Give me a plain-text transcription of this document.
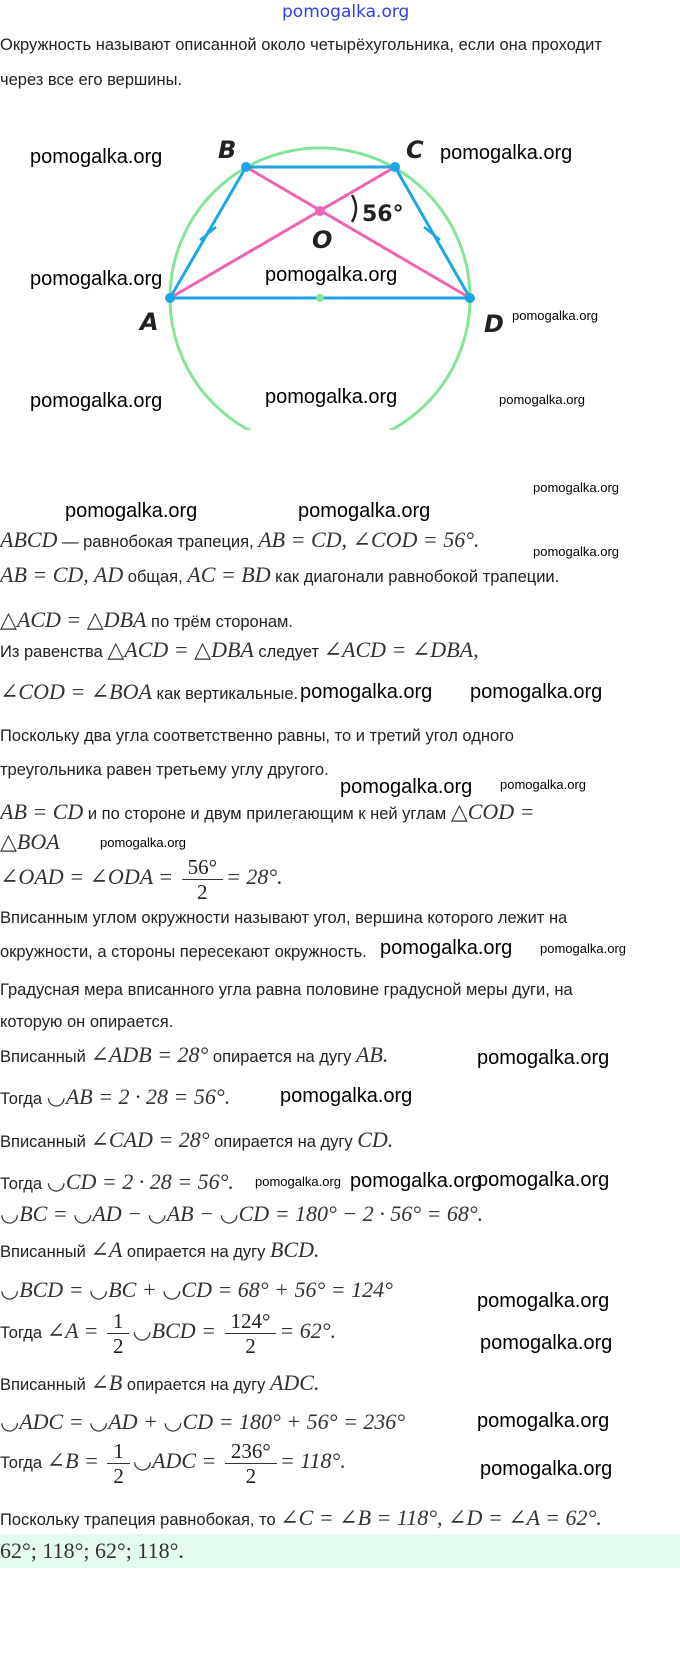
pomogalka.org
B	C
A	D
O
56°
Окружность называют описанной около четырёхугольника, если она проходит
через все его вершины.
ABCD — равнобокая трапеция, AB = CD, ∠COD = 56°.
AB = CD, AD общая, AC = BD как диагонали равнобокой трапеции.
△ACD = △DBA по трём сторонам.
Из равенства △ACD = △DBA следует ∠ACD = ∠DBA,
∠COD = ∠BOA как вертикальные.
Поскольку два угла соответственно равны, то и третий угол одного
треугольника равен третьему углу другого.
AB = CD и по стороне и двум прилегающим к ней углам △COD =
△BOA
∠OAD = ∠ODA = $\frac{56^\circ}{2} = 28^\circ$.
Вписанным углом окружности называют угол, вершина которого лежит на
окружности, а стороны пересекают окружность.
Градусная мера вписанного угла равна половине градусной меры дуги, на
которую он опирается.
Вписанный ∠ADB = 28° опирается на дугу AB.
Тогда ◡AB = 2 · 28 = 56°.
Вписанный ∠CAD = 28° опирается на дугу CD.
Тогда ◡CD = 2 · 28 = 56°.
◡BC = ◡AD − ◡AB − ◡CD = 180° − 2 · 56° = 68°.
Вписанный ∠A опирается на дугу BCD.
◡BCD = ◡BC + ◡CD = 68° + 56° = 124°
Тогда ∠A = $\frac{1}{2}$ ◡BCD = $\frac{124^\circ}{2} = 62^\circ$.
Вписанный ∠B опирается на дугу ADC.
◡ADC = ◡AD + ◡CD = 180° + 56° = 236°
Тогда ∠B = $\frac{1}{2}$ ◡ADC = $\frac{236^\circ}{2} = 118^\circ$.
Поскольку трапеция равнобокая, то ∠C = ∠B = 118°, ∠D = ∠A = 62°.
62°; 118°; 62°; 118°.
pomogalka.org	pomogalka.org
pomogalka.org	pomogalka.org
pomogalka.org
pomogalka.org	pomogalka.org	pomogalka.org
pomogalka.org
pomogalka.org	pomogalka.org
pomogalka.org
pomogalka.org pomogalka.org
pomogalka.org
pomogalka.org
pomogalka.org
pomogalka.org
pomogalka.org
pomogalka.org
pomogalka.org
pomogalka.org
pomogalka.org pomogalka.org
pomogalka.org
pomogalka.org
pomogalka.org
pomogalka.org
